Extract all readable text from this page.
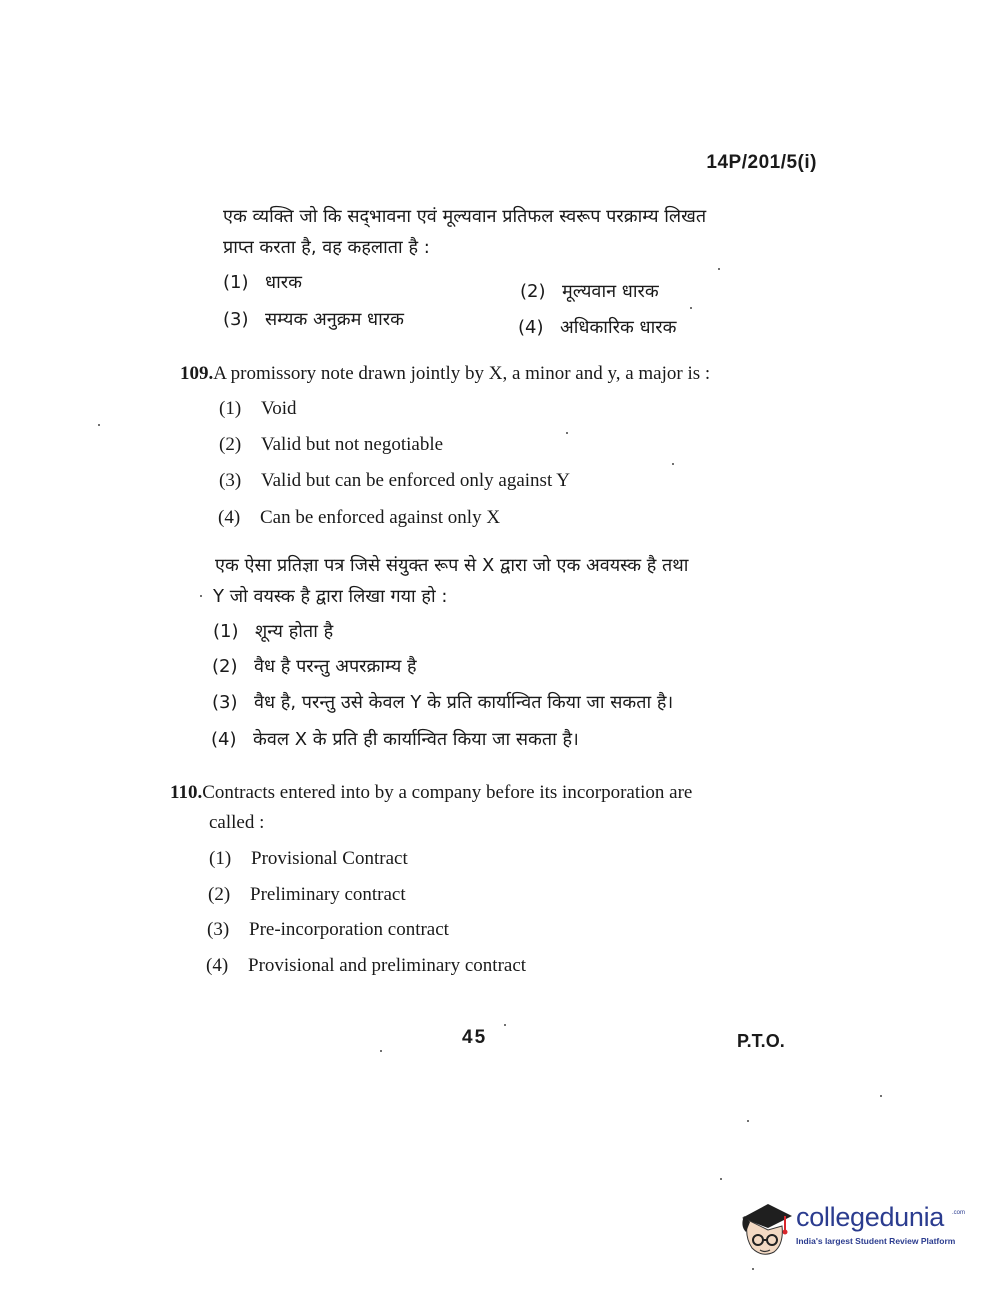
14P/201/5(i)
एक व्यक्ति जो कि सद्‌भावना एवं मूल्यवान प्रतिफल स्वरूप परक्राम्य लिखत
प्राप्त करता है, वह कहलाता है :
(1) धारक	(2) मूल्यवान धारक
(3) सम्यक अनुक्रम धारक	(4) अधिकारिक धारक
109.A promissory note drawn jointly by X, a minor and y, a major is :
(1) Void
(2) Valid but not negotiable
(3) Valid but can be enforced only against Y
(4) Can be enforced against only X
एक ऐसा प्रतिज्ञा पत्र जिसे संयुक्त रूप से X द्वारा जो एक अवयस्क है तथा
Y जो वयस्क है द्वारा लिखा गया हो :
(1) शून्य होता है
(2) वैध है परन्तु अपरक्राम्य है
(3) वैध है, परन्तु उसे केवल Y के प्रति कार्यान्वित किया जा सकता है।
(4) केवल X के प्रति ही कार्यान्वित किया जा सकता है।
110.Contracts entered into by a company before its incorporation are
called :
(1) Provisional Contract
(2) Preliminary contract
(3) Pre-incorporation contract
(4) Provisional and preliminary contract
45	P.T.O.
collegedunia .com
India's largest Student Review Platform
